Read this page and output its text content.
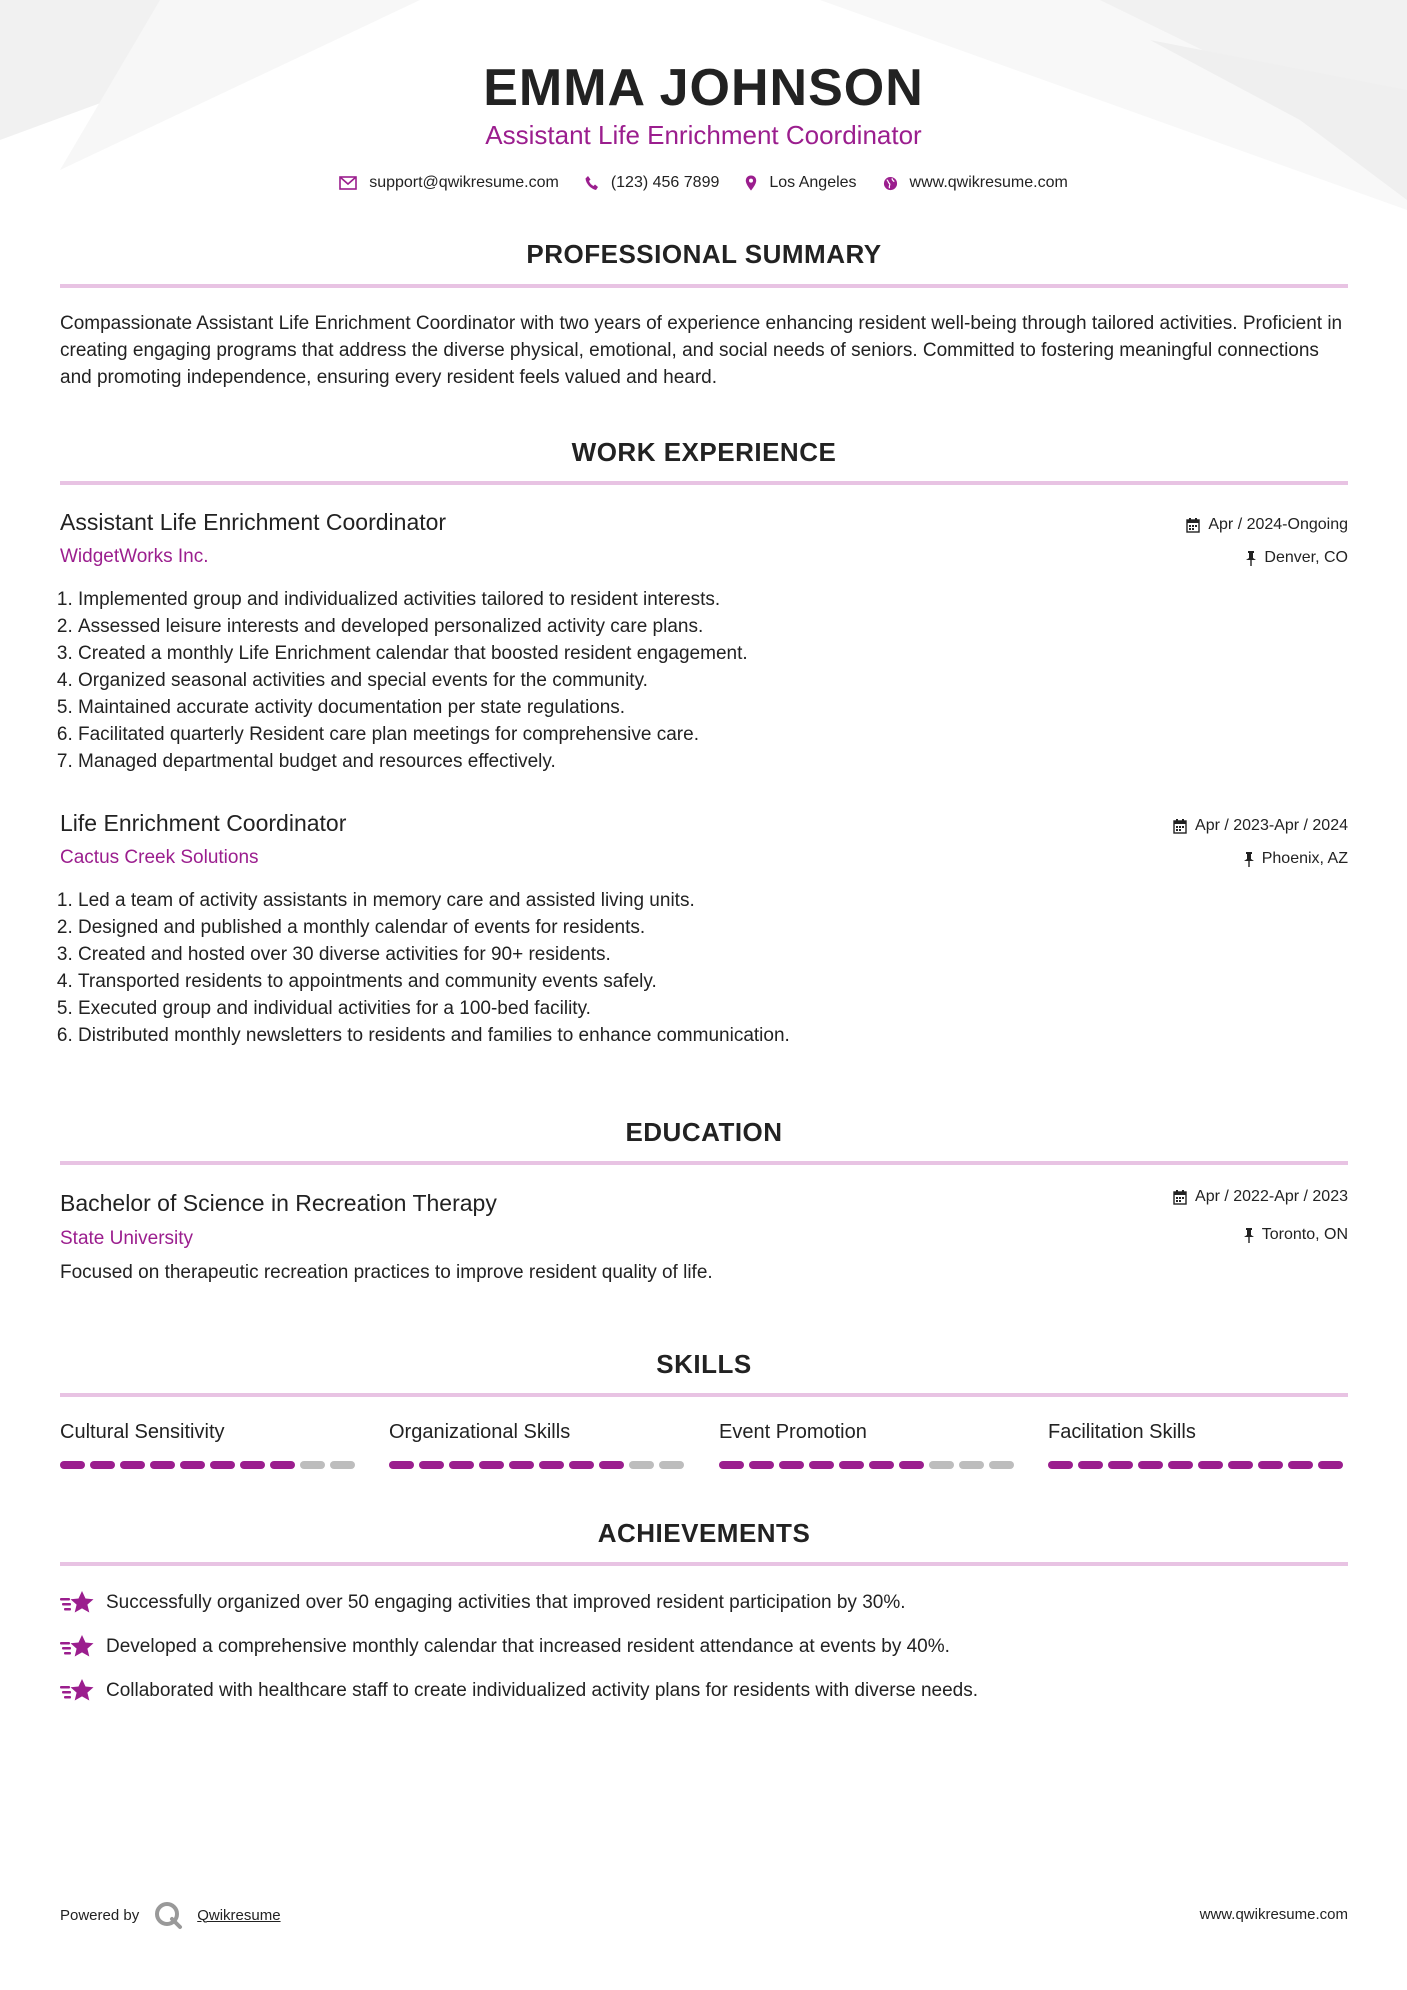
EMMA JOHNSON
Assistant Life Enrichment Coordinator
support@qwikresume.com	(123) 456 7899	Los Angeles	www.qwikresume.com
PROFESSIONAL SUMMARY

Compassionate Assistant Life Enrichment Coordinator with two years of experience enhancing resident well-being through tailored activities. Proficient in creating engaging programs that address the diverse physical, emotional, and social needs of seniors. Committed to fostering meaningful connections and promoting independence, ensuring every resident feels valued and heard.

WORK EXPERIENCE
Assistant Life Enrichment Coordinator
WidgetWorks Inc.
Apr / 2024-Ongoing
Denver, CO
1. Implemented group and individualized activities tailored to resident interests.
2. Assessed leisure interests and developed personalized activity care plans.
3. Created a monthly Life Enrichment calendar that boosted resident engagement.
4. Organized seasonal activities and special events for the community.
5. Maintained accurate activity documentation per state regulations.
6. Facilitated quarterly Resident care plan meetings for comprehensive care.
7. Managed departmental budget and resources effectively.
Life Enrichment Coordinator
Cactus Creek Solutions
Apr / 2023-Apr / 2024
Phoenix, AZ
1. Led a team of activity assistants in memory care and assisted living units.
2. Designed and published a monthly calendar of events for residents.
3. Created and hosted over 30 diverse activities for 90+ residents.
4. Transported residents to appointments and community events safely.
5. Executed group and individual activities for a 100-bed facility.
6. Distributed monthly newsletters to residents and families to enhance communication.
EDUCATION
Bachelor of Science in Recreation Therapy
State University
Apr / 2022-Apr / 2023
Toronto, ON
Focused on therapeutic recreation practices to improve resident quality of life.
SKILLS
Cultural Sensitivity	Organizational Skills	Event Promotion	Facilitation Skills
ACHIEVEMENTS
Successfully organized over 50 engaging activities that improved resident participation by 30%.
Developed a comprehensive monthly calendar that increased resident attendance at events by 40%.
Collaborated with healthcare staff to create individualized activity plans for residents with diverse needs.
Powered by	Qwikresume	www.qwikresume.com
